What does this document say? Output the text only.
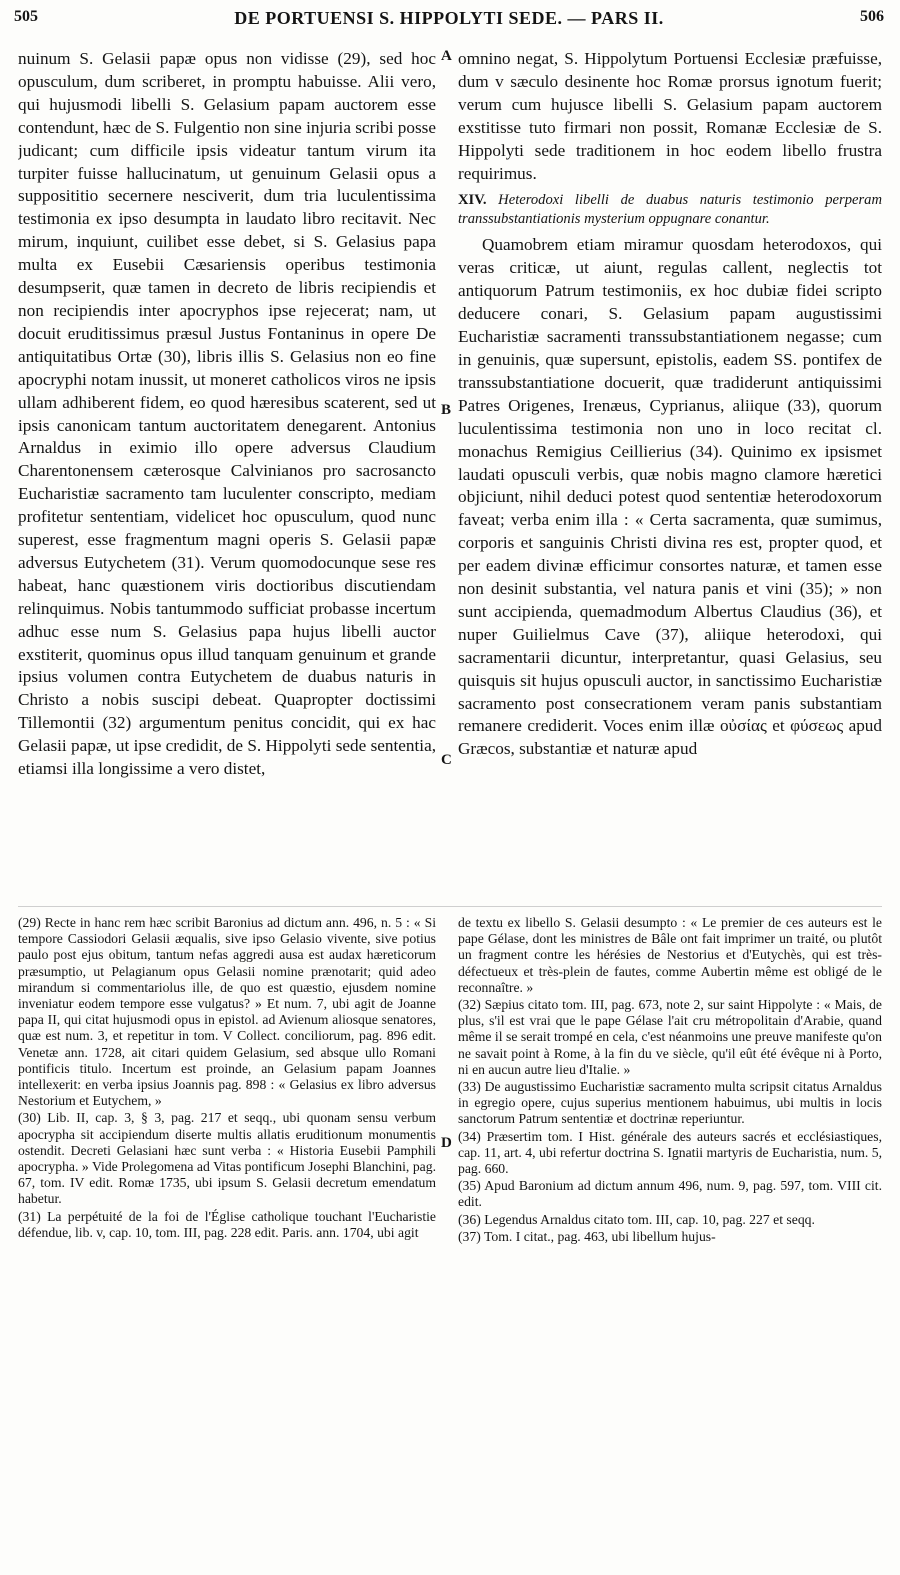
505	DE PORTUENSI S. HIPPOLYTI SEDE. — PARS II.	506
A
B
C
D

nuinum S. Gelasii papæ opus non vidisse (29), sed hoc opusculum, dum scriberet, in promptu habuisse. Alii vero, qui hujusmodi libelli S. Gelasium papam auctorem esse contendunt, hæc de S. Fulgentio non sine injuria scribi posse judicant; cum difficile ipsis videatur tantum virum ita turpiter fuisse hallucinatum, ut genuinum Gelasii opus a supposititio secernere nesciverit, dum tria luculentissima testimonia ex ipso desumpta in laudato libro recitavit. Nec mirum, inquiunt, cuilibet esse debet, si S. Gelasius papa multa ex Eusebii Cæsariensis operibus testimonia desumpserit, quæ tamen in decreto de libris recipiendis et non recipiendis inter apocryphos ipse rejecerat; nam, ut docuit eruditissimus præsul Justus Fontaninus in opere De antiquitatibus Ortæ (30), libris illis S. Gelasius non eo fine apocryphi notam inussit, ut moneret catholicos viros ne ipsis ullam adhiberent fidem, eo quod hæresibus scaterent, sed ut ipsis canonicam tantum auctoritatem denegarent. Antonius Arnaldus in eximio illo opere adversus Claudium Charentonensem cæterosque Calvinianos pro sacrosancto Eucharistiæ sacramento tam luculenter conscripto, mediam profitetur sententiam, videlicet hoc opusculum, quod nunc superest, esse fragmentum magni operis S. Gelasii papæ adversus Eutychetem (31). Verum quomodocunque sese res habeat, hanc quæstionem viris doctioribus discutiendam relinquimus. Nobis tantummodo sufficiat probasse incertum adhuc esse num S. Gelasius papa hujus libelli auctor exstiterit, quominus opus illud tanquam genuinum et grande ipsius volumen contra Eutychetem de duabus naturis in Christo a nobis suscipi debeat. Quapropter doctissimi Tillemontii (32) argumentum penitus concidit, qui ex hac Gelasii papæ, ut ipse credidit, de S. Hippolyti sede sententia, etiamsi illa longissime a vero distet,

omnino negat, S. Hippolytum Portuensi Ecclesiæ præfuisse, dum v sæculo desinente hoc Romæ prorsus ignotum fuerit; verum cum hujusce libelli S. Gelasium papam auctorem exstitisse tuto firmari non possit, Romanæ Ecclesiæ de S. Hippolyti sede traditionem in hoc eodem libello frustra requirimus.

XIV. Heterodoxi libelli de duabus naturis testimonio perperam transsubstantiationis mysterium oppugnare conantur.

Quamobrem etiam miramur quosdam heterodoxos, qui veras criticæ, ut aiunt, regulas callent, neglectis tot antiquorum Patrum testimoniis, ex hoc dubiæ fidei scripto deducere conari, S. Gelasium papam augustissimi Eucharistiæ sacramenti transsubstantiationem negasse; cum in genuinis, quæ supersunt, epistolis, eadem SS. pontifex de transsubstantiatione docuerit, quæ tradiderunt antiquissimi Patres Origenes, Irenæus, Cyprianus, aliique (33), quorum luculentissima testimonia non uno in loco recitat cl. monachus Remigius Ceillierius (34). Quinimo ex ipsismet laudati opusculi verbis, quæ nobis magno clamore hæretici objiciunt, nihil deduci potest quod sententiæ heterodoxorum faveat; verba enim illa : « Certa sacramenta, quæ sumimus, corporis et sanguinis Christi divina res est, propter quod, et per eadem divinæ efficimur consortes naturæ, et tamen esse non desinit substantia, vel natura panis et vini (35); » non sunt accipienda, quemadmodum Albertus Claudius (36), et nuper Guilielmus Cave (37), aliique heterodoxi, qui sacramentarii dicuntur, interpretantur, quasi Gelasius, seu quisquis sit hujus opusculi auctor, in sanctissimo Eucharistiæ sacramento post consecrationem veram panis substantiam remanere crediderit. Voces enim illæ οὐσίας et φύσεως apud Græcos, substantiæ et naturæ apud

(29) Recte in hanc rem hæc scribit Baronius ad dictum ann. 496, n. 5 : « Si tempore Cassiodori Gelasii æqualis, sive ipso Gelasio vivente, sive potius paulo post ejus obitum, tantum nefas aggredi ausa est audax hæreticorum præsumptio, ut Pelagianum opus Gelasii nomine prænotarit; quid adeo mirandum si commentariolus ille, de quo est quæstio, ejusdem nomine inveniatur eodem tempore esse vulgatus? » Et num. 7, ubi agit de Joanne papa II, qui citat hujusmodi opus in epistol. ad Avienum aliosque senatores, quæ est num. 3, et repetitur in tom. V Collect. conciliorum, pag. 896 edit. Venetæ ann. 1728, ait citari quidem Gelasium, sed absque ullo Romani pontificis titulo. Incertum est proinde, an Gelasium papam Joannes intellexerit: en verba ipsius Joannis pag. 898 : « Gelasius ex libro adversus Nestorium et Eutychem, »

(30) Lib. II, cap. 3, § 3, pag. 217 et seqq., ubi quonam sensu verbum apocrypha sit accipiendum diserte multis allatis eruditionum monumentis ostendit. Decreti Gelasiani hæc sunt verba : « Historia Eusebii Pamphili apocrypha. » Vide Prolegomena ad Vitas pontificum Josephi Blanchini, pag. 67, tom. IV edit. Romæ 1735, ubi ipsum S. Gelasii decretum emendatum habetur.

(31) La perpétuité de la foi de l'Église catholique touchant l'Eucharistie défendue, lib. v, cap. 10, tom. III, pag. 228 edit. Paris. ann. 1704, ubi agit

de textu ex libello S. Gelasii desumpto : « Le premier de ces auteurs est le pape Gélase, dont les ministres de Bâle ont fait imprimer un traité, ou plutôt un fragment contre les hérésies de Nestorius et d'Eutychès, qui est très-défectueux et très-plein de fautes, comme Aubertin même est obligé de le reconnaître. »

(32) Sæpius citato tom. III, pag. 673, note 2, sur saint Hippolyte : « Mais, de plus, s'il est vrai que le pape Gélase l'ait cru métropolitain d'Arabie, quand même il se serait trompé en cela, c'est néanmoins une preuve manifeste qu'on ne savait point à Rome, à la fin du ve siècle, qu'il eût été évêque ni à Porto, ni en aucun autre lieu d'Italie. »

(33) De augustissimo Eucharistiæ sacramento multa scripsit citatus Arnaldus in egregio opere, cujus superius mentionem habuimus, ubi multis in locis sanctorum Patrum sententiæ et doctrinæ reperiuntur.

(34) Præsertim tom. I Hist. générale des auteurs sacrés et ecclésiastiques, cap. 11, art. 4, ubi refertur doctrina S. Ignatii martyris de Eucharistia, num. 5, pag. 660.

(35) Apud Baronium ad dictum annum 496, num. 9, pag. 597, tom. VIII cit. edit.

(36) Legendus Arnaldus citato tom. III, cap. 10, pag. 227 et seqq.

(37) Tom. I citat., pag. 463, ubi libellum hujus-
